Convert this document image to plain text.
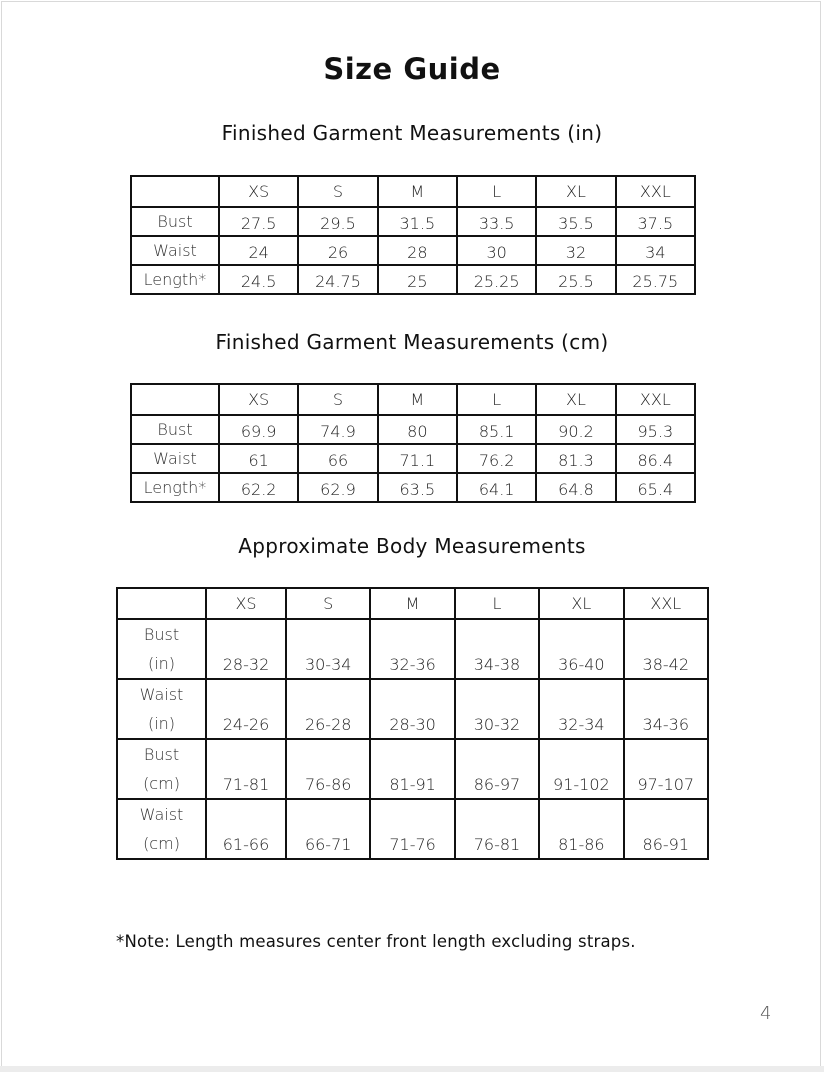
Size Guide
Finished Garment Measurements (in)
	XS	S	M	L	XL	XXL
Bust	27.5	29.5	31.5	33.5	35.5	37.5
Waist	24	26	28	30	32	34
Length*	24.5	24.75	25	25.25	25.5	25.75
Finished Garment Measurements (cm)
	XS	S	M	L	XL	XXL
Bust	69.9	74.9	80	85.1	90.2	95.3
Waist	61	66	71.1	76.2	81.3	86.4
Length*	62.2	62.9	63.5	64.1	64.8	65.4
Approximate Body Measurements
	XS	S	M	L	XL	XXL
Bust
(in)	28-32	30-34	32-36	34-38	36-40	38-42
Waist
(in)	24-26	26-28	28-30	30-32	32-34	34-36
Bust
(cm)	71-81	76-86	81-91	86-97	91-102	97-107
Waist
(cm)	61-66	66-71	71-76	76-81	81-86	86-91
*Note: Length measures center front length excluding straps.
4
